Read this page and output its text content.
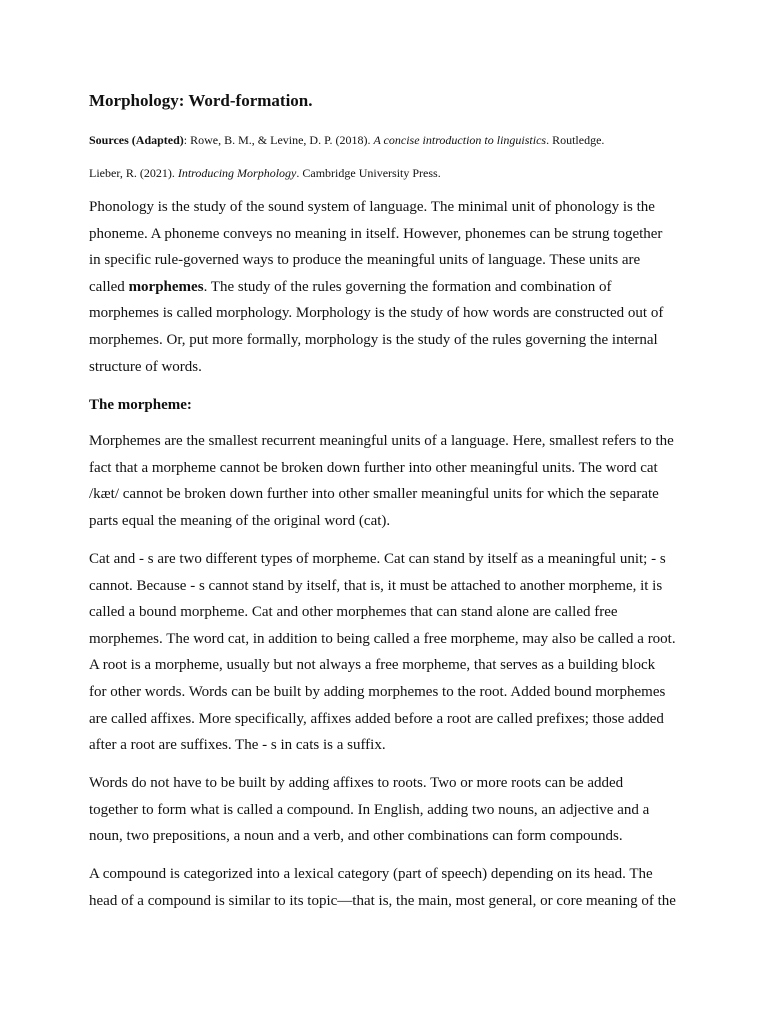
Morphology: Word-formation.

Sources (Adapted): Rowe, B. M., & Levine, D. P. (2018). A concise introduction to linguistics. Routledge.

Lieber, R. (2021). Introducing Morphology. Cambridge University Press.

Phonology is the study of the sound system of language. The minimal unit of phonology is the
phoneme. A phoneme conveys no meaning in itself. However, phonemes can be strung together
in specific rule-governed ways to produce the meaningful units of language. These units are
called morphemes. The study of the rules governing the formation and combination of
morphemes is called morphology. Morphology is the study of how words are constructed out of
morphemes. Or, put more formally, morphology is the study of the rules governing the internal
structure of words.
The morpheme:
Morphemes are the smallest recurrent meaningful units of a language. Here, smallest refers to the
fact that a morpheme cannot be broken down further into other meaningful units. The word cat
/kæt/ cannot be broken down further into other smaller meaningful units for which the separate
parts equal the meaning of the original word (cat).
Cat and - s are two different types of morpheme. Cat can stand by itself as a meaningful unit; - s
cannot. Because - s cannot stand by itself, that is, it must be attached to another morpheme, it is
called a bound morpheme. Cat and other morphemes that can stand alone are called free
morphemes. The word cat, in addition to being called a free morpheme, may also be called a root.
A root is a morpheme, usually but not always a free morpheme, that serves as a building block
for other words. Words can be built by adding morphemes to the root. Added bound morphemes
are called affixes. More specifically, affixes added before a root are called prefixes; those added
after a root are suffixes. The - s in cats is a suffix.
Words do not have to be built by adding affixes to roots. Two or more roots can be added
together to form what is called a compound. In English, adding two nouns, an adjective and a
noun, two prepositions, a noun and a verb, and other combinations can form compounds.
A compound is categorized into a lexical category (part of speech) depending on its head. The
head of a compound is similar to its topic—that is, the main, most general, or core meaning of the
